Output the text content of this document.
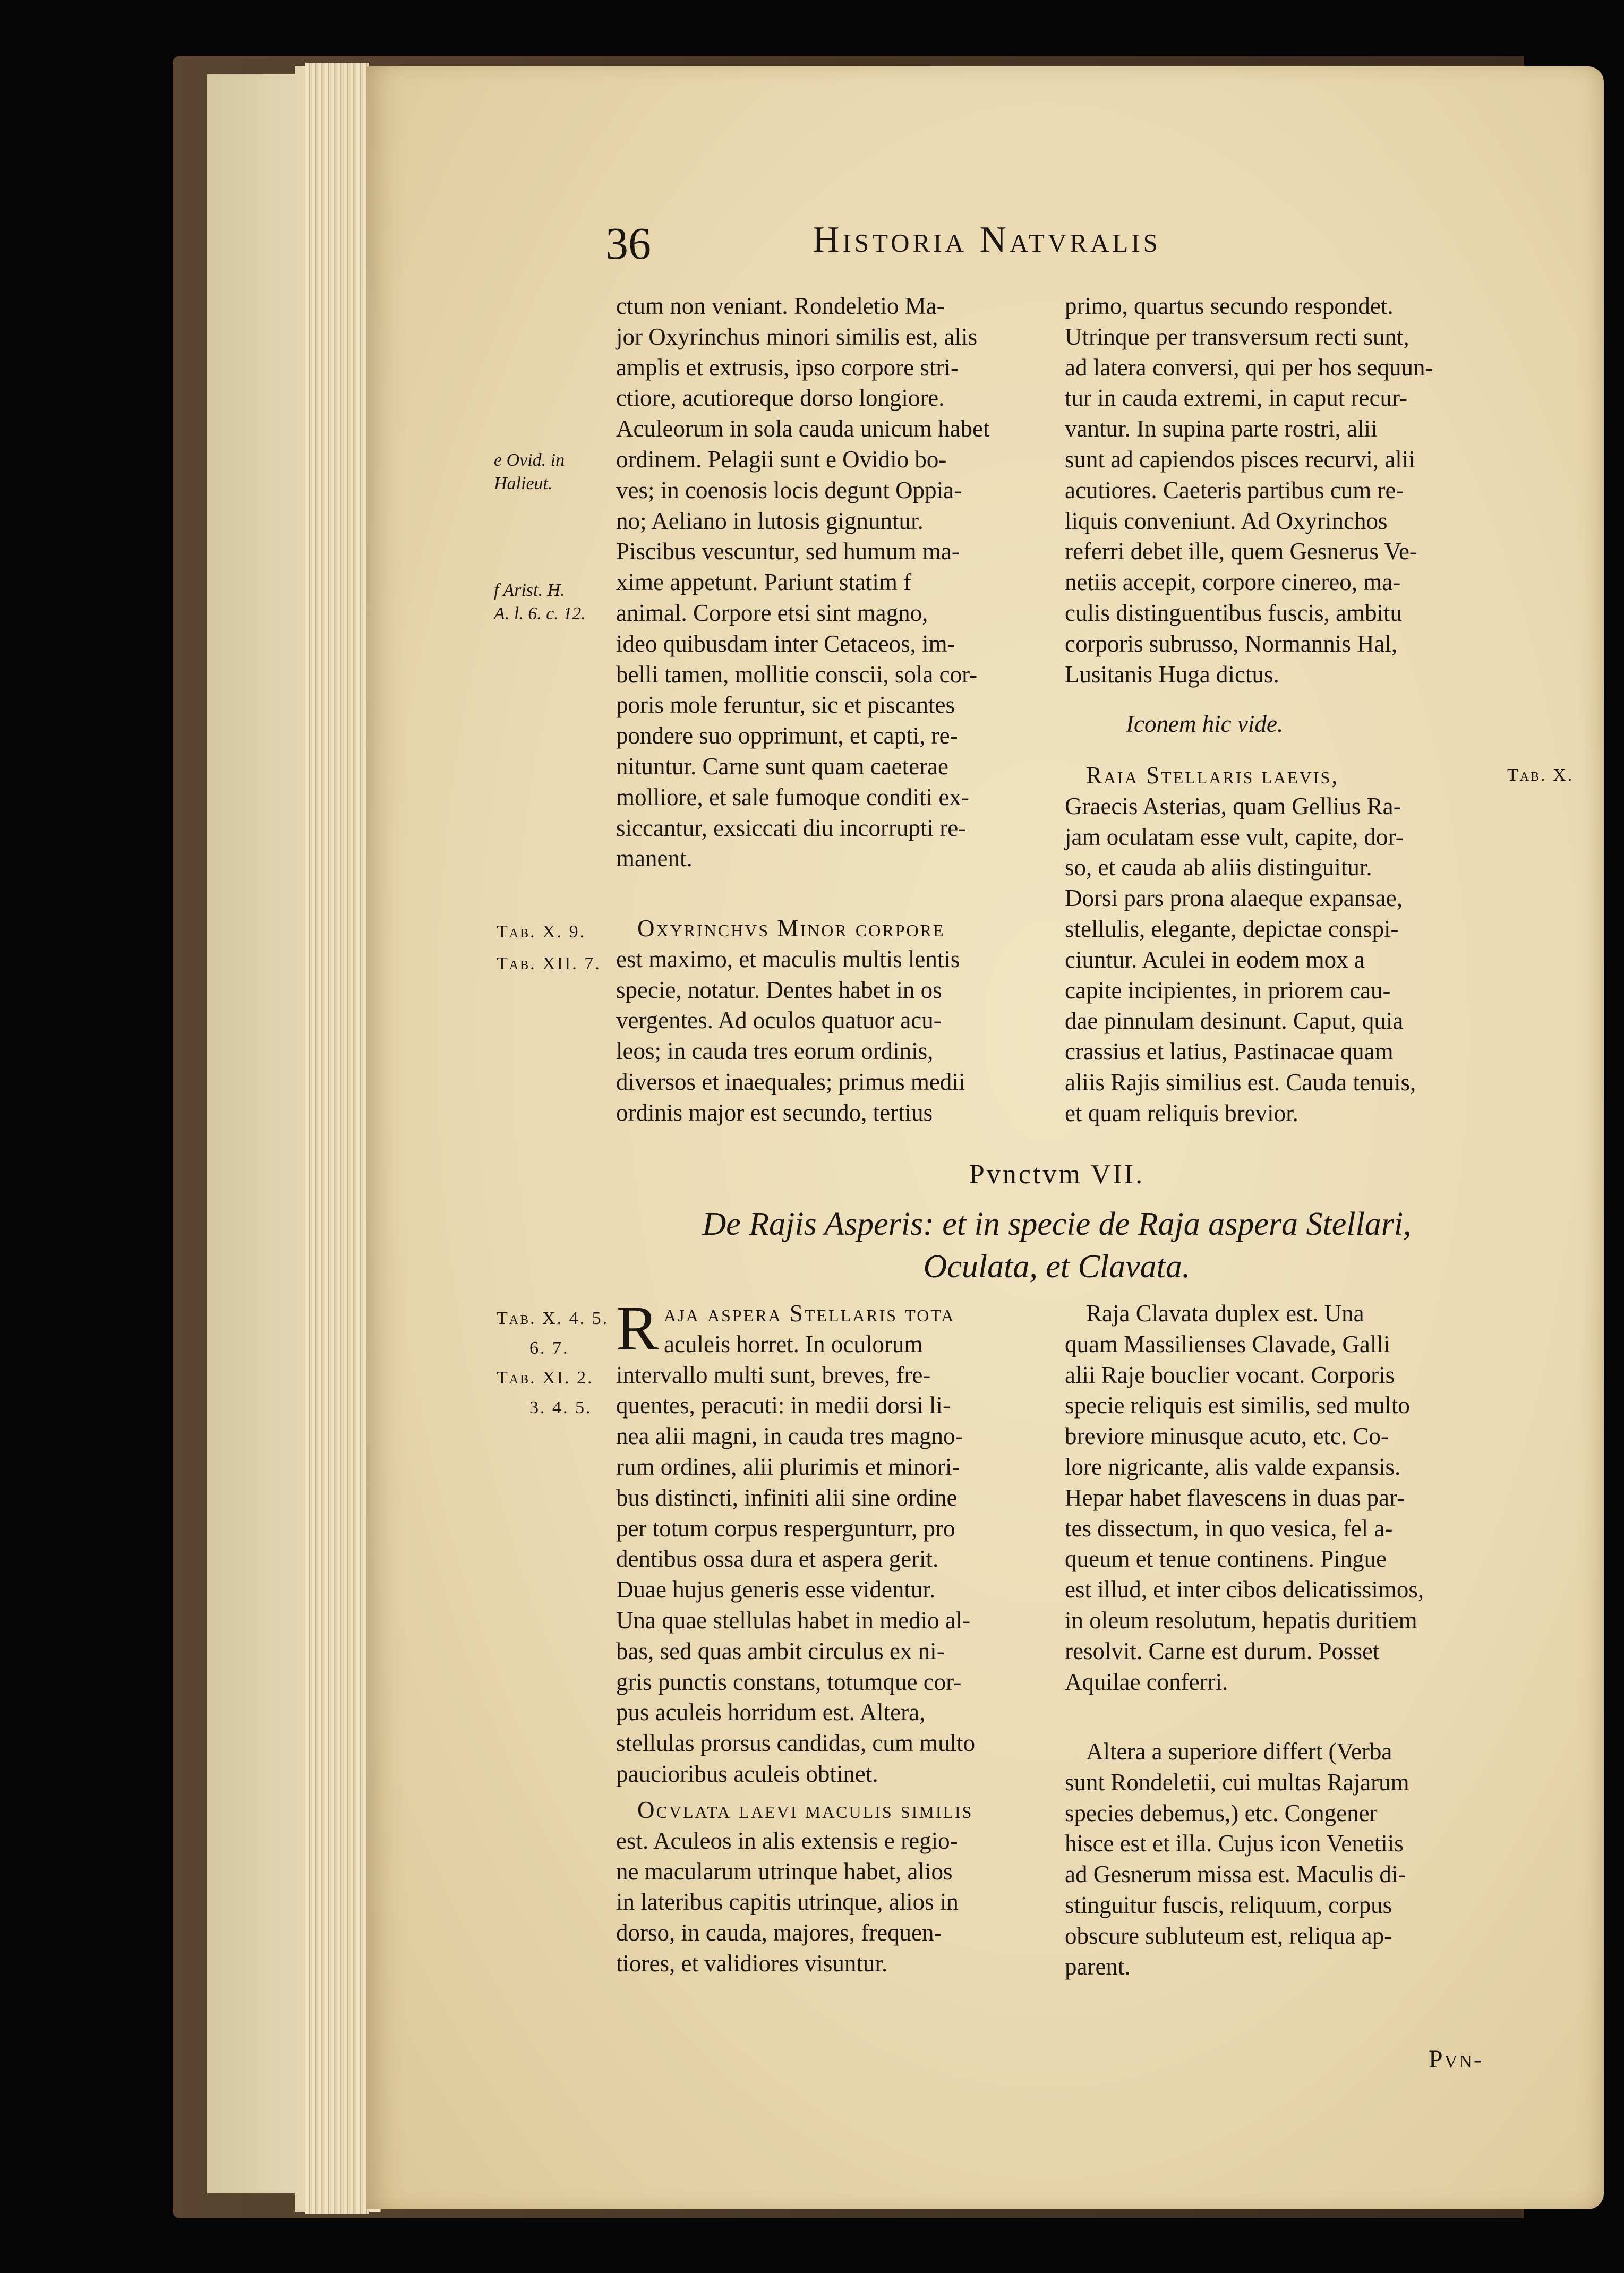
36	Historia Natvralis
e Ovid. in
Halieut.
f Arist. H.
A. l. 6. c. 12.
Tab. X. 9.
Tab. XII. 7.
Tab. X.
Tab. X. 4. 5.
6. 7.
Tab. XI. 2.
3. 4. 5.

ctum non veniant. Rondeletio Ma-

jor Oxyrinchus minori similis est, alis

amplis et extrusis, ipso corpore stri-

ctiore, acutioreque dorso longiore.

Aculeorum in sola cauda unicum habet

ordinem. Pelagii sunt e Ovidio bo-

ves; in coenosis locis degunt Oppia-

no; Aeliano in lutosis gignuntur.

Piscibus vescuntur, sed humum ma-

xime appetunt. Pariunt statim f

animal. Corpore etsi sint magno,

ideo quibusdam inter Cetaceos, im-

belli tamen, mollitie conscii, sola cor-

poris mole feruntur, sic et piscantes

pondere suo opprimunt, et capti, re-

nituntur. Carne sunt quam caeterae

molliore, et sale fumoque conditi ex-

siccantur, exsiccati diu incorrupti re-

manent.

Oxyrinchvs Minor corpore

est maximo, et maculis multis lentis

specie, notatur. Dentes habet in os

vergentes. Ad oculos quatuor acu-

leos; in cauda tres eorum ordinis,

diversos et inaequales; primus medii

ordinis major est secundo, tertius

primo, quartus secundo respondet.

Utrinque per transversum recti sunt,

ad latera conversi, qui per hos sequun-

tur in cauda extremi, in caput recur-

vantur. In supina parte rostri, alii

sunt ad capiendos pisces recurvi, alii

acutiores. Caeteris partibus cum re-

liquis conveniunt. Ad Oxyrinchos

referri debet ille, quem Gesnerus Ve-

netiis accepit, corpore cinereo, ma-

culis distinguentibus fuscis, ambitu

corporis subrusso, Normannis Hal,

Lusitanis Huga dictus.

Iconem hic vide.

Raia Stellaris laevis,

Graecis Asterias, quam Gellius Ra-

jam oculatam esse vult, capite, dor-

so, et cauda ab aliis distinguitur.

Dorsi pars prona alaeque expansae,

stellulis, elegante, depictae conspi-

ciuntur. Aculei in eodem mox a

capite incipientes, in priorem cau-

dae pinnulam desinunt. Caput, quia

crassius et latius, Pastinacae quam

aliis Rajis similius est. Cauda tenuis,

et quam reliquis brevior.

Pvnctvm VII.
De Rajis Asperis: et in specie de Raja aspera Stellari,
Oculata, et Clavata.
R aja aspera Stellaris tota

aculeis horret. In oculorum

intervallo multi sunt, breves, fre-

quentes, peracuti: in medii dorsi li-

nea alii magni, in cauda tres magno-

rum ordines, alii plurimis et minori-

bus distincti, infiniti alii sine ordine

per totum corpus respergunturr, pro

dentibus ossa dura et aspera gerit.

Duae hujus generis esse videntur.

Una quae stellulas habet in medio al-

bas, sed quas ambit circulus ex ni-

gris punctis constans, totumque cor-

pus aculeis horridum est. Altera,

stellulas prorsus candidas, cum multo

paucioribus aculeis obtinet.

Ocvlata laevi maculis similis

est. Aculeos in alis extensis e regio-

ne macularum utrinque habet, alios

in lateribus capitis utrinque, alios in

dorso, in cauda, majores, frequen-

tiores, et validiores visuntur.

Raja Clavata duplex est. Una

quam Massilienses Clavade, Galli

alii Raje bouclier vocant. Corporis

specie reliquis est similis, sed multo

breviore minusque acuto, etc. Co-

lore nigricante, alis valde expansis.

Hepar habet flavescens in duas par-

tes dissectum, in quo vesica, fel a-

queum et tenue continens. Pingue

est illud, et inter cibos delicatissimos,

in oleum resolutum, hepatis duritiem

resolvit. Carne est durum. Posset

Aquilae conferri.

Altera a superiore differt (Verba

sunt Rondeletii, cui multas Rajarum

species debemus,) etc. Congener

hisce est et illa. Cujus icon Venetiis

ad Gesnerum missa est. Maculis di-

stinguitur fuscis, reliquum, corpus

obscure subluteum est, reliqua ap-

parent.

Pvn-
